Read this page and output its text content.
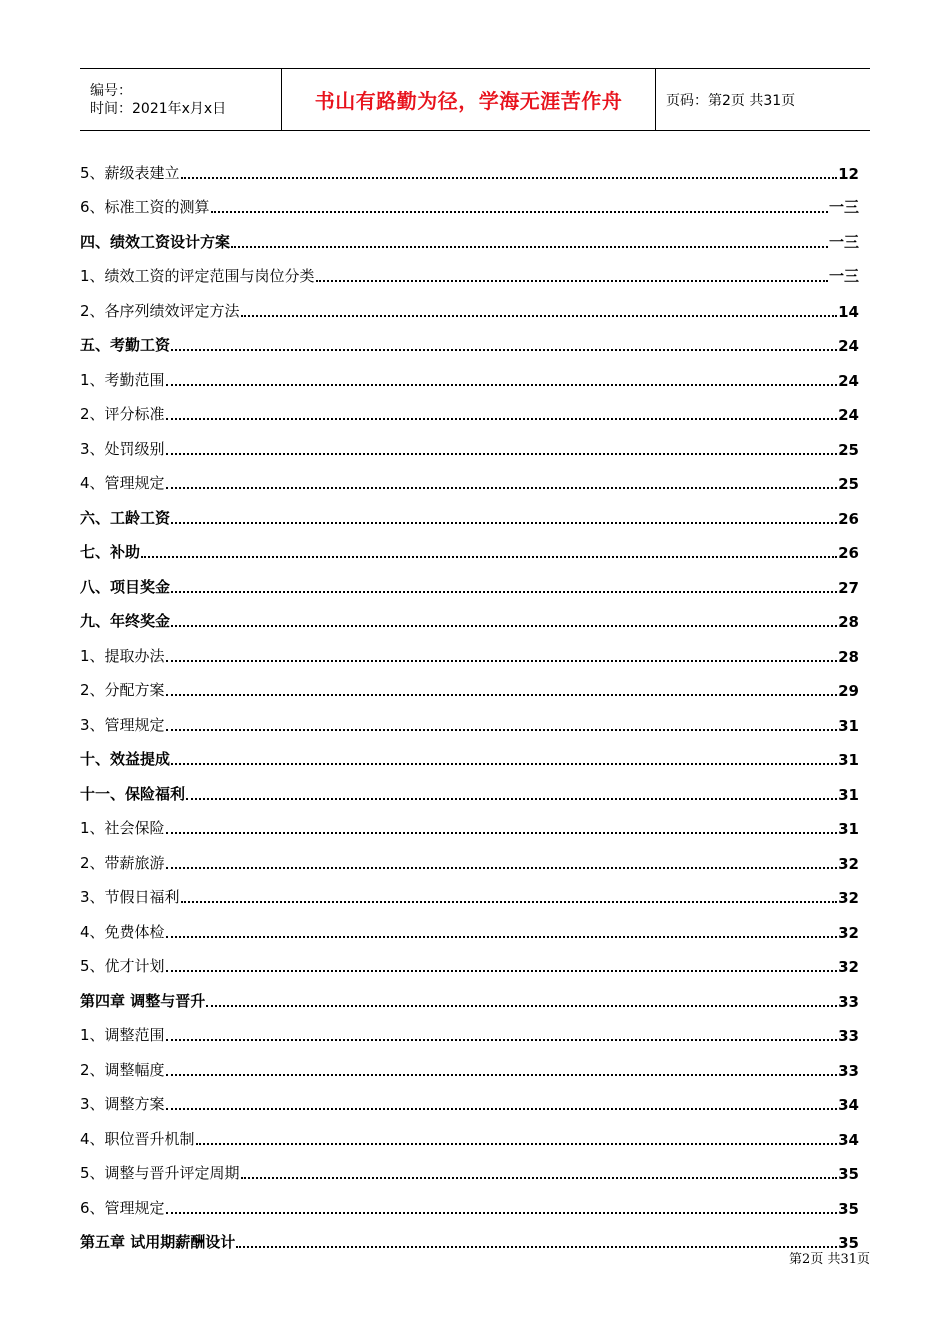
编号：
时间：2021年x月x日	书山有路勤为径，学海无涯苦作舟	页码：第2页 共31页
5、薪级表建立	12
6、标准工资的测算	一三
四、绩效工资设计方案	一三
1、绩效工资的评定范围与岗位分类	一三
2、各序列绩效评定方法	14
五、考勤工资	24
1、考勤范围	24
2、评分标准	24
3、处罚级别	25
4、管理规定	25
六、工龄工资	26
七、补助	26
八、项目奖金	27
九、年终奖金	28
1、提取办法	28
2、分配方案	29
3、管理规定	31
十、效益提成	31
十一、保险福利	31
1、社会保险	31
2、带薪旅游	32
3、节假日福利	32
4、免费体检	32
5、优才计划	32
第四章 调整与晋升	33
1、调整范围	33
2、调整幅度	33
3、调整方案	34
4、职位晋升机制	34
5、调整与晋升评定周期	35
6、管理规定	35
第五章 试用期薪酬设计	35
第2页 共31页
